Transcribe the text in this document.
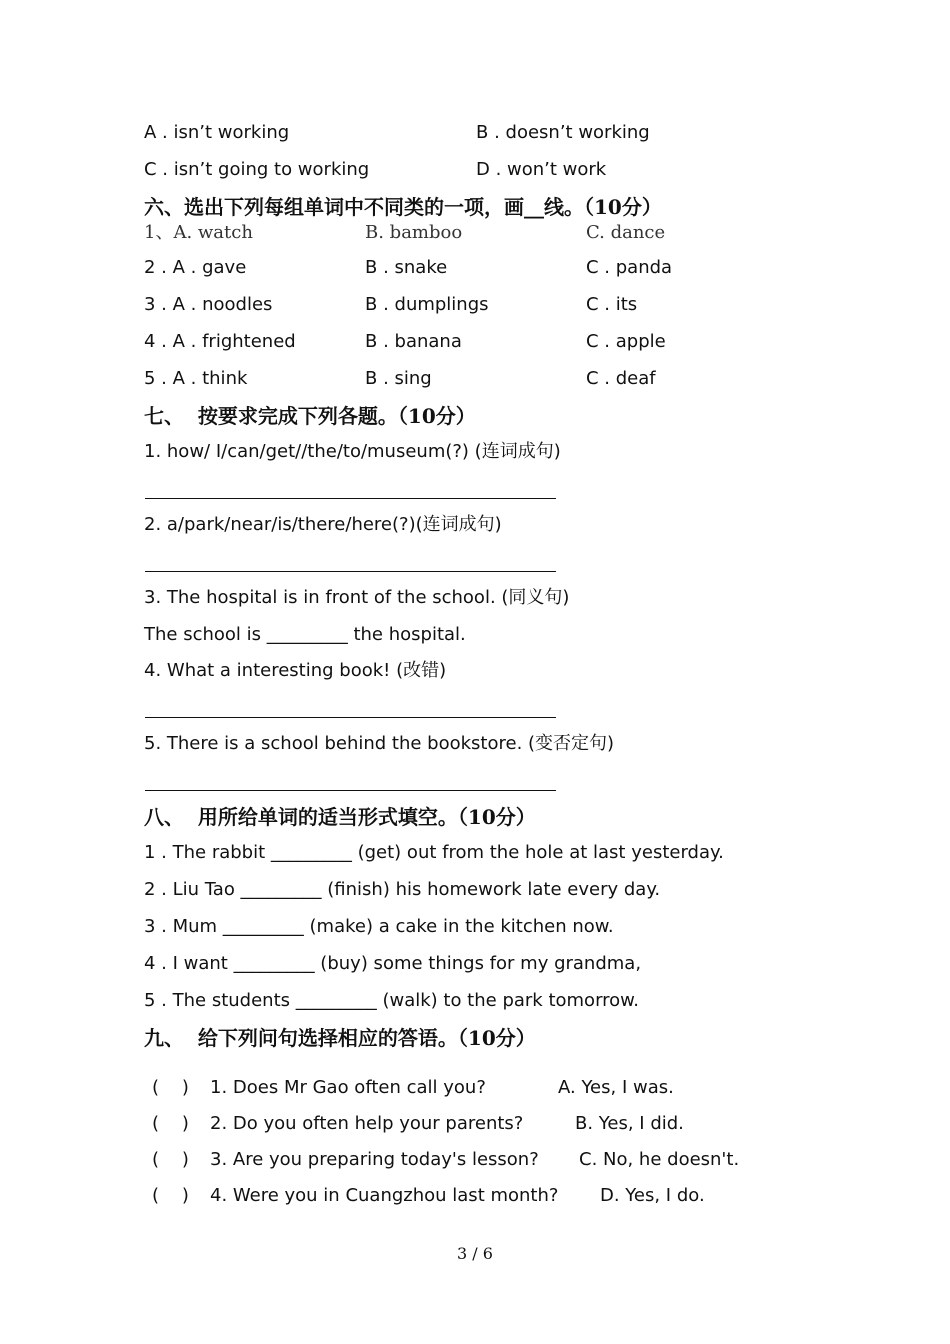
A . isn’t working	B . doesn’t working
C . isn’t going to working	D . won’t work
六、选出下列每组单词中不同类的一项，画__线。（10分）
1、A. watch	B. bamboo	C. dance
2 . A . gave	B . snake	C . panda
3 . A . noodles	B . dumplings	C . its
4 . A . frightened	B . banana	C . apple
5 . A . think	B . sing	C . deaf
七、  按要求完成下列各题。（10分）
1. how/ I/can/get//the/to/museum(?) (连词成句)
2. a/park/near/is/there/here(?)(连词成句)
3. The hospital is in front of the school. (同义句)
The school is _________ the hospital.
4. What a interesting book! (改错)
5. There is a school behind the bookstore. (变否定句)
八、  用所给单词的适当形式填空。（10分）
1 . The rabbit _________ (get) out from the hole at last yesterday.
2 . Liu Tao _________ (finish) his homework late every day.
3 . Mum _________ (make) a cake in the kitchen now.
4 . I want _________ (buy) some things for my grandma,
5 . The students _________ (walk) to the park tomorrow.
九、  给下列问句选择相应的答语。（10分）
(    ) 1. Does Mr Gao often call you?	A. Yes, I was.
(    ) 2. Do you often help your parents?	B. Yes, I did.
(    ) 3. Are you preparing today's lesson? C. No, he doesn't.
(    ) 4. Were you in Cuangzhou last month? D. Yes, I do.
3 / 6
